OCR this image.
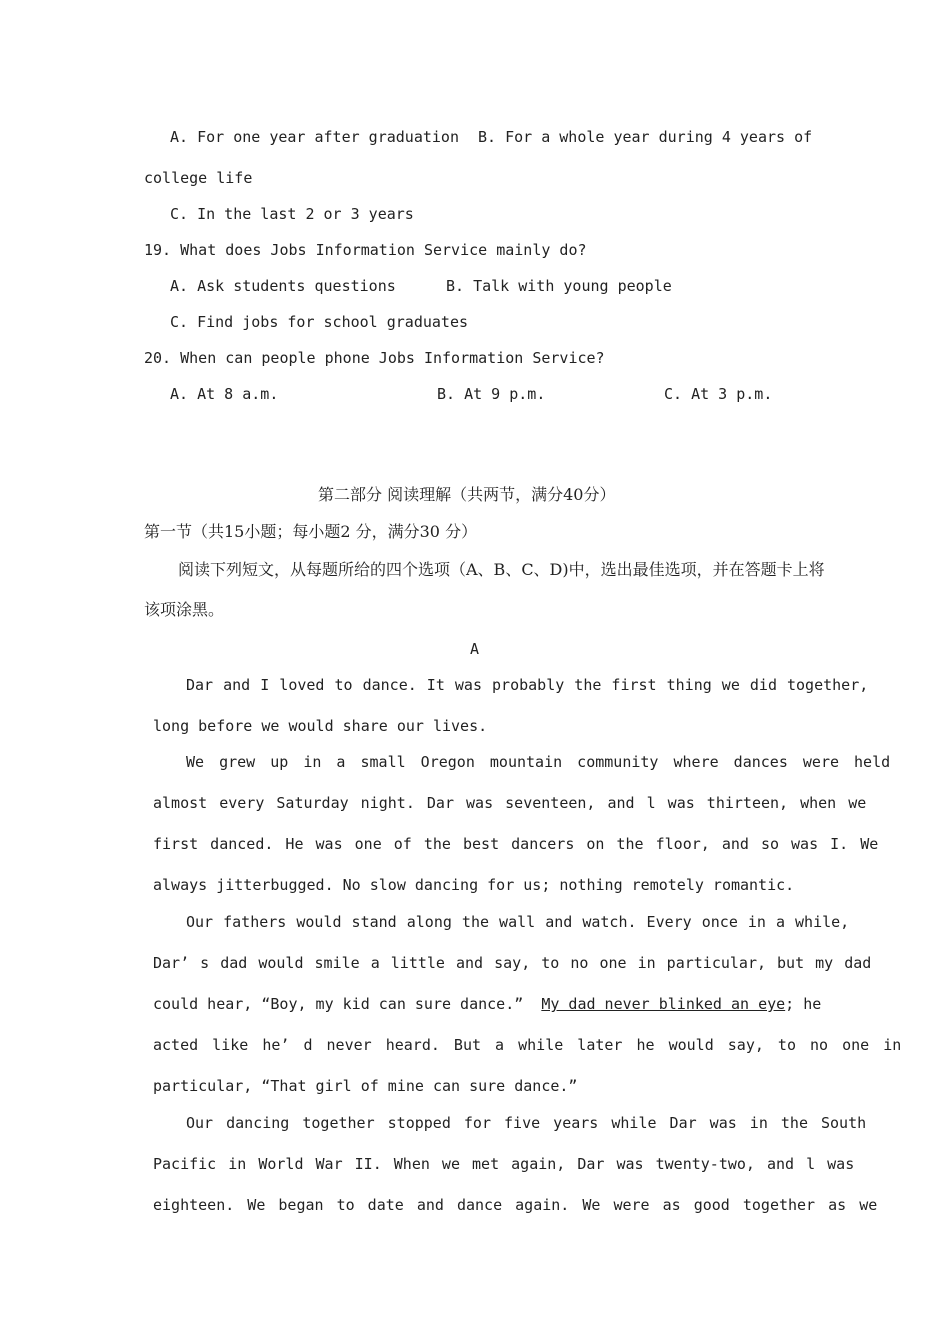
A. For one year after graduation B. For a whole year during 4 years of
college life
C. In the last 2 or 3 years
19. What does Jobs Information Service mainly do?
A. Ask students questions	B. Talk with young people
C. Find jobs for school graduates
20. When can people phone Jobs Information Service?
A. At 8 a.m.	B. At 9 p.m.	C. At 3 p.m.
第二部分 阅读理解（共两节，满分40分）
第一节（共15小题；每小题2 分，满分30 分）
阅读下列短文，从每题所给的四个选项（A、B、C、D)中，选出最佳选项，并在答题卡上将
该项涂黑。
A
Dar and I loved to dance. It was probably the first thing we did together,
long before we would share our lives.
We grew up in a small Oregon mountain community where dances were held
almost every Saturday night. Dar was seventeen, and l was thirteen, when we
first danced. He was one of the best dancers on the floor, and so was I. We
always jitterbugged. No slow dancing for us; nothing remotely romantic.
Our fathers would stand along the wall and watch. Every once in a while,
Dar’ s dad would smile a little and say, to no one in particular, but my dad
could hear, “Boy, my kid can sure dance.” My dad never blinked an eye; he
acted like he’ d never heard. But a while later he would say, to no one in
particular, “That girl of mine can sure dance.”
Our dancing together stopped for five years while Dar was in the South
Pacific in World War II. When we met again, Dar was twenty-two, and l was
eighteen. We began to date and dance again. We were as good together as we
